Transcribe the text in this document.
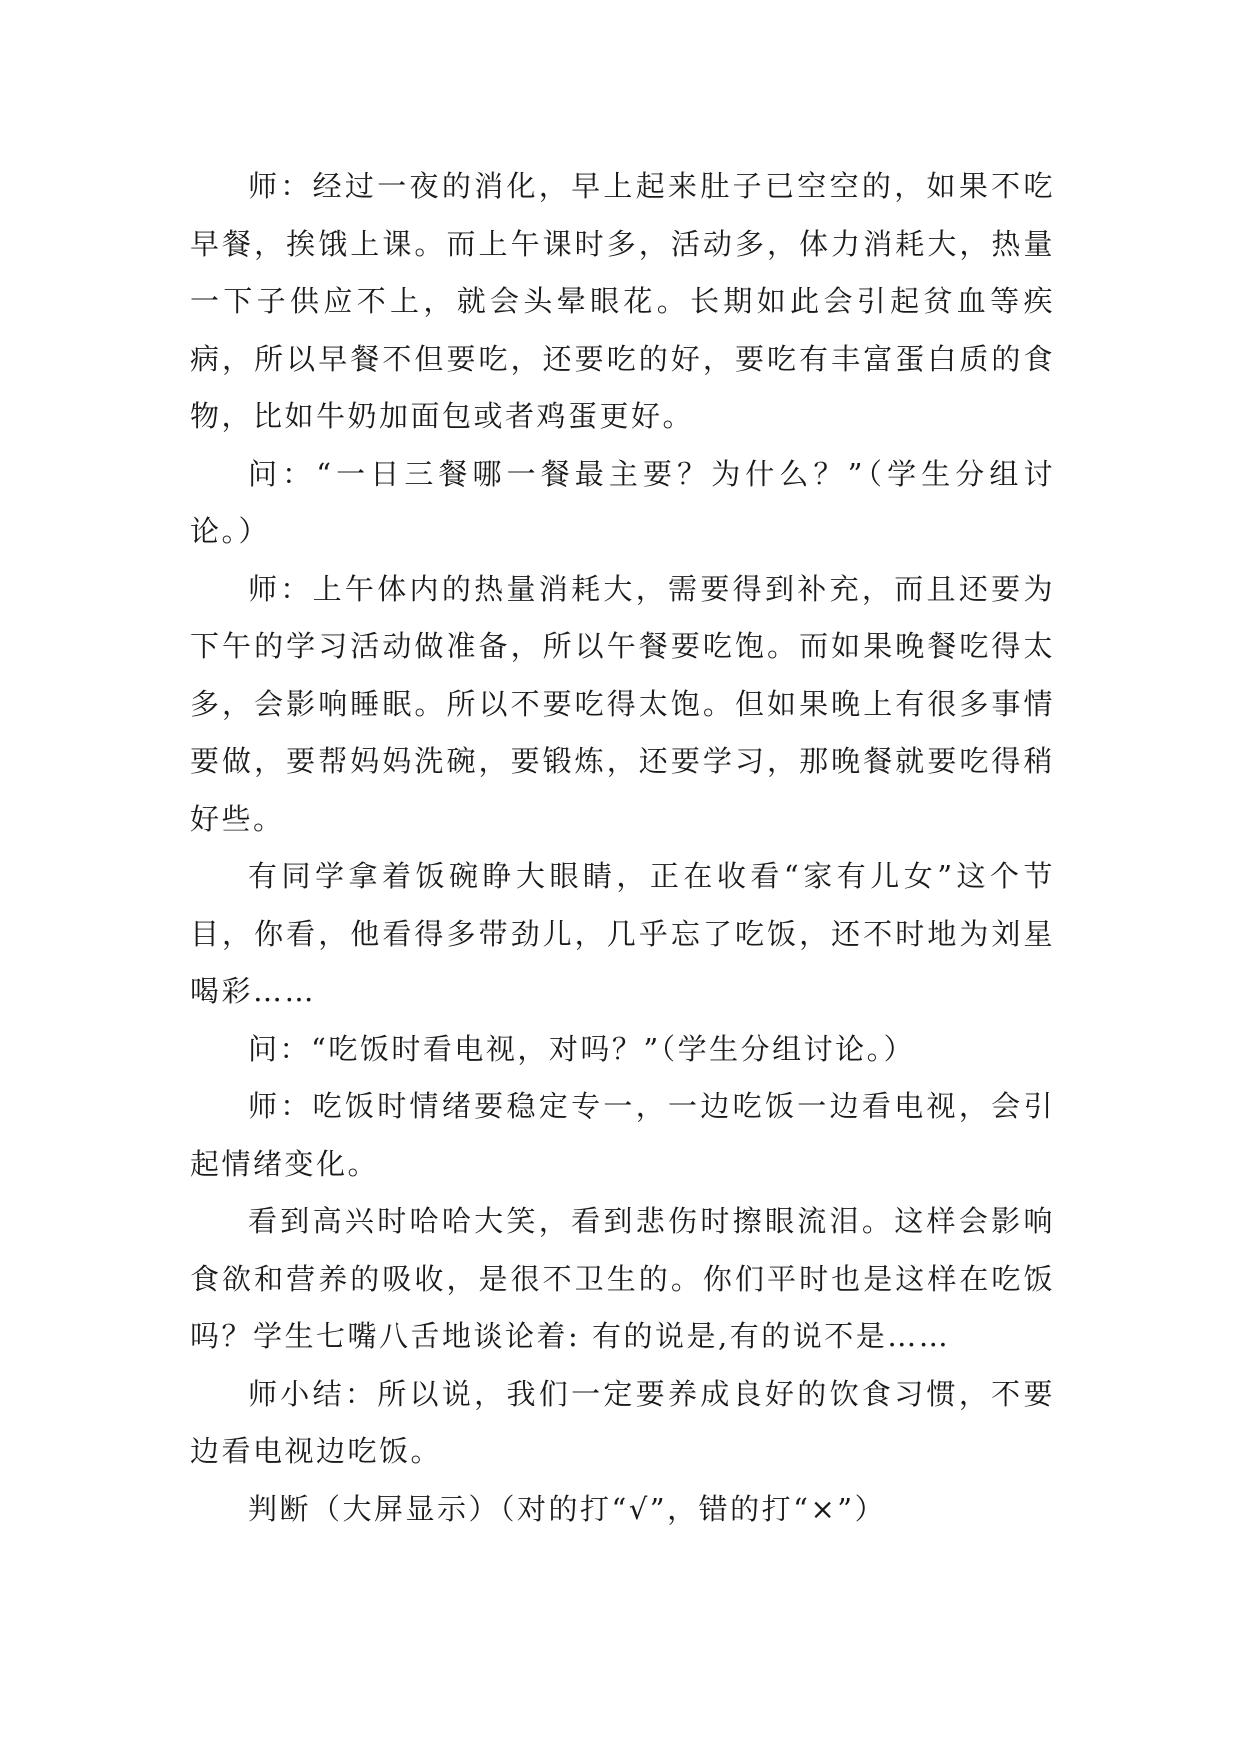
师：经过一夜的消化，早上起来肚子已空空的，如果不吃早餐，挨饿上课。而上午课时多，活动多，体力消耗大，热量一下子供应不上，就会头晕眼花。长期如此会引起贫血等疾病，所以早餐不但要吃，还要吃的好，要吃有丰富蛋白质的食物，比如牛奶加面包或者鸡蛋更好。

问：“一日三餐哪一餐最主要？为什么？”（学生分组讨论。）

师：上午体内的热量消耗大，需要得到补充，而且还要为下午的学习活动做准备，所以午餐要吃饱。而如果晚餐吃得太多，会影响睡眠。所以不要吃得太饱。但如果晚上有很多事情要做，要帮妈妈洗碗，要锻炼，还要学习，那晚餐就要吃得稍好些。

有同学拿着饭碗睁大眼睛，正在收看“家有儿女”这个节目，你看，他看得多带劲儿，几乎忘了吃饭，还不时地为刘星喝彩……

问：“吃饭时看电视，对吗？”（学生分组讨论。）

师：吃饭时情绪要稳定专一，一边吃饭一边看电视，会引起情绪变化。

看到高兴时哈哈大笑，看到悲伤时擦眼流泪。这样会影响食欲和营养的吸收，是很不卫生的。你们平时也是这样在吃饭吗？学生七嘴八舌地谈论着: 有的说是,有的说不是……

师小结：所以说，我们一定要养成良好的饮食习惯，不要边看电视边吃饭。

判断（大屏显示）（对的打“√”，错的打“×”）
